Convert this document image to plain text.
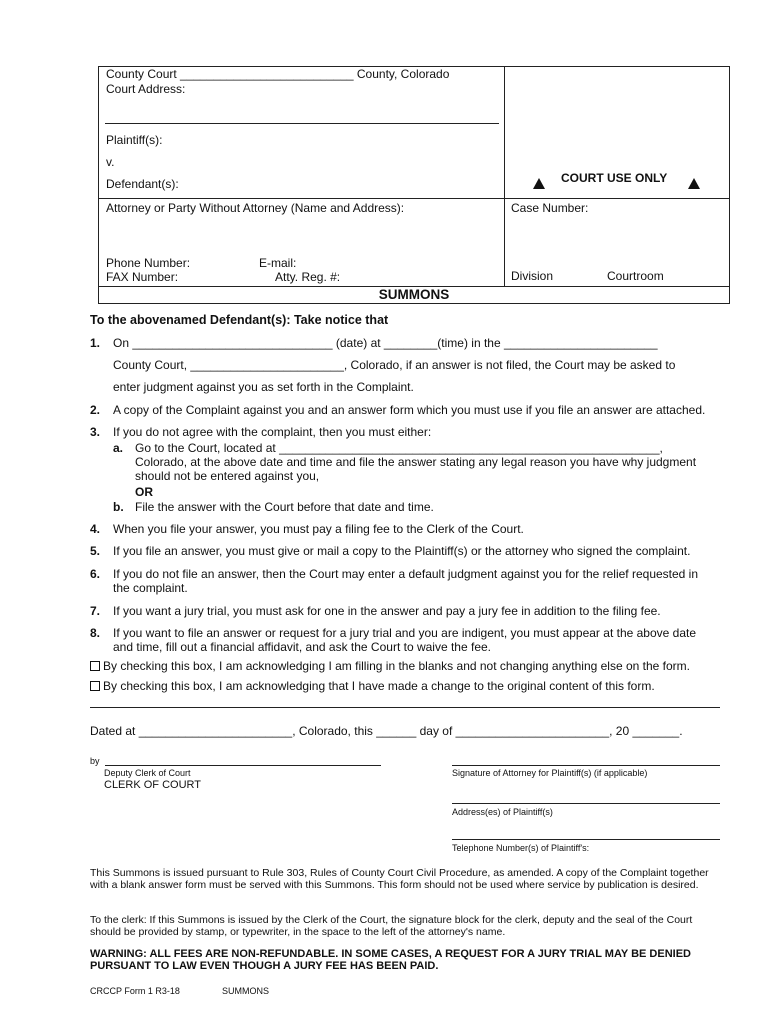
County Court __________________________ County, Colorado
Court Address:
Plaintiff(s):
v.
Defendant(s):	COURT USE ONLY
Attorney or Party Without Attorney (Name and Address):
Phone Number:	E-mail:
FAX Number:	Atty. Reg. #:
Case Number:
Division	Courtroom
SUMMONS
To the abovenamed Defendant(s): Take notice that
1. On ______________________________ (date) at ________(time) in the _______________________
County Court, _______________________, Colorado, if an answer is not filed, the Court may be asked to
enter judgment against you as set forth in the Complaint.
2. A copy of the Complaint against you and an answer form which you must use if you file an answer are attached.
3. If you do not agree with the complaint, then you must either:
a. Go to the Court, located at _________________________________________________________,
Colorado, at the above date and time and file the answer stating any legal reason you have why judgment
should not be entered against you,
OR
b. File the answer with the Court before that date and time.
4. When you file your answer, you must pay a filing fee to the Clerk of the Court.
5. If you file an answer, you must give or mail a copy to the Plaintiff(s) or the attorney who signed the complaint.
6. If you do not file an answer, then the Court may enter a default judgment against you for the relief requested in
the complaint.
7. If you want a jury trial, you must ask for one in the answer and pay a jury fee in addition to the filing fee.
8. If you want to file an answer or request for a jury trial and you are indigent, you must appear at the above date
and time, fill out a financial affidavit, and ask the Court to waive the fee.
By checking this box, I am acknowledging I am filling in the blanks and not changing anything else on the form.
By checking this box, I am acknowledging that I have made a change to the original content of this form.
Dated at _______________________, Colorado, this ______ day of _______________________, 20 _______.
by
Deputy Clerk of Court
CLERK OF COURT
Signature of Attorney for Plaintiff(s) (if applicable)
Address(es) of Plaintiff(s)
Telephone Number(s) of Plaintiff's:
This Summons is issued pursuant to Rule 303, Rules of County Court Civil Procedure, as amended. A copy of the Complaint together with a blank answer form must be served with this Summons. This form should not be used where service by publication is desired.
To the clerk: If this Summons is issued by the Clerk of the Court, the signature block for the clerk, deputy and the seal of the Court should be provided by stamp, or typewriter, in the space to the left of the attorney's name.
WARNING: ALL FEES ARE NON-REFUNDABLE. IN SOME CASES, A REQUEST FOR A JURY TRIAL MAY BE DENIED PURSUANT TO LAW EVEN THOUGH A JURY FEE HAS BEEN PAID.
CRCCP Form 1 R3-18	SUMMONS
